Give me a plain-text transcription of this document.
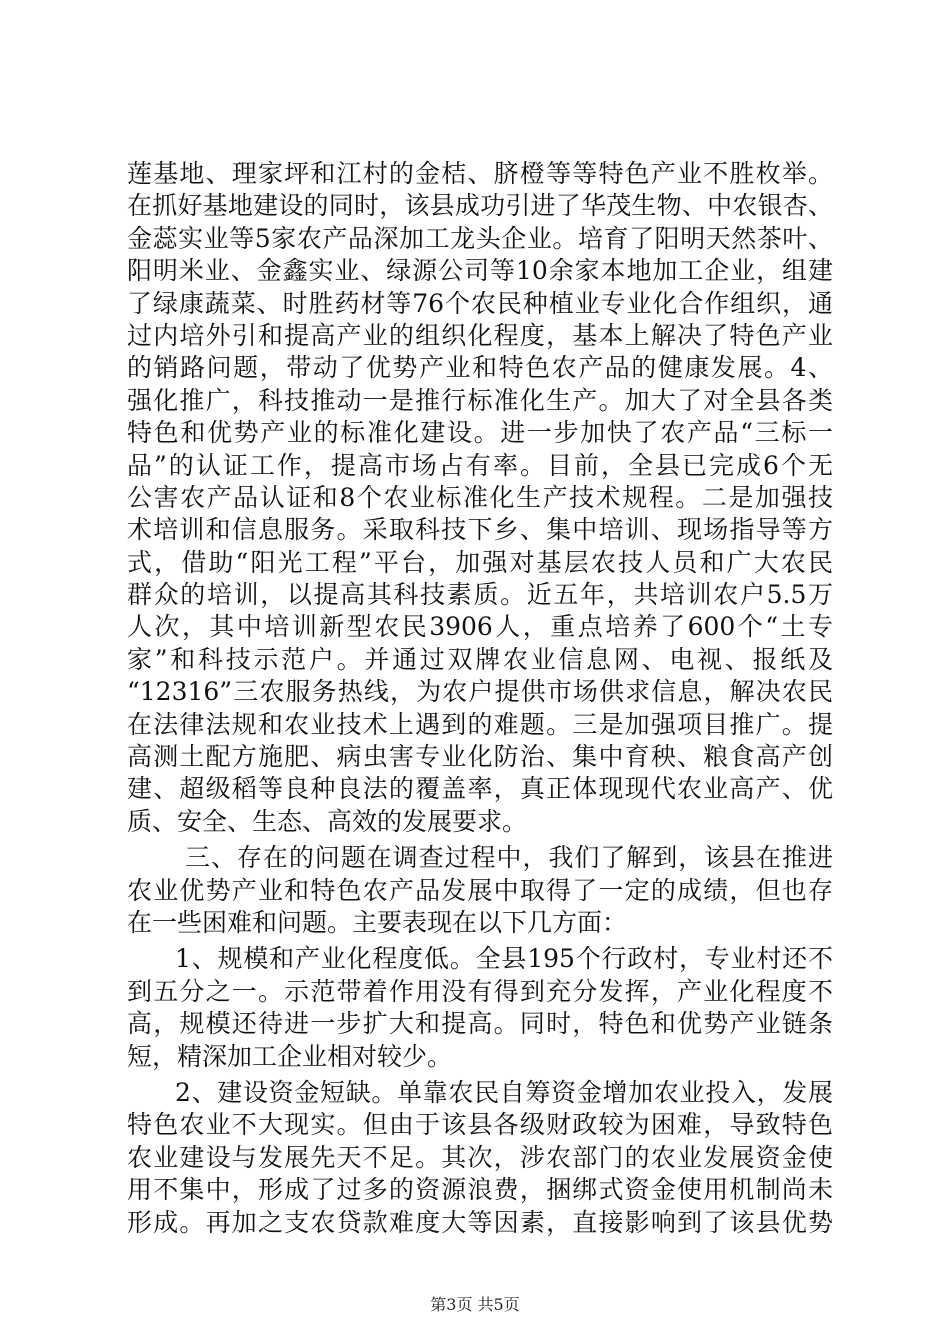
莲基地、理家坪和江村的金桔、脐橙等等特色产业不胜枚举。
在抓好基地建设的同时，该县成功引进了华茂生物、中农银杏、
金蕊实业等5家农产品深加工龙头企业。培育了阳明天然茶叶、
阳明米业、金鑫实业、绿源公司等10余家本地加工企业，组建
了绿康蔬菜、时胜药材等76个农民种植业专业化合作组织，通
过内培外引和提高产业的组织化程度，基本上解决了特色产业
的销路问题，带动了优势产业和特色农产品的健康发展。4、
强化推广，科技推动一是推行标准化生产。加大了对全县各类
特色和优势产业的标准化建设。进一步加快了农产品“三标一
品”的认证工作，提高市场占有率。目前，全县已完成6个无
公害农产品认证和8个农业标准化生产技术规程。二是加强技
术培训和信息服务。采取科技下乡、集中培训、现场指导等方
式，借助“阳光工程”平台，加强对基层农技人员和广大农民
群众的培训，以提高其科技素质。近五年，共培训农户5.5万
人次，其中培训新型农民3906人，重点培养了600个“土专
家”和科技示范户。并通过双牌农业信息网、电视、报纸及
“12316”三农服务热线，为农户提供市场供求信息，解决农民
在法律法规和农业技术上遇到的难题。三是加强项目推广。提
高测土配方施肥、病虫害专业化防治、集中育秧、粮食高产创
建、超级稻等良种良法的覆盖率，真正体现现代农业高产、优
质、安全、生态、高效的发展要求。
三、存在的问题在调查过程中，我们了解到，该县在推进
农业优势产业和特色农产品发展中取得了一定的成绩，但也存
在一些困难和问题。主要表现在以下几方面：
1、规模和产业化程度低。全县195个行政村，专业村还不
到五分之一。示范带着作用没有得到充分发挥，产业化程度不
高，规模还待进一步扩大和提高。同时，特色和优势产业链条
短，精深加工企业相对较少。
2、建设资金短缺。单靠农民自筹资金增加农业投入，发展
特色农业不大现实。但由于该县各级财政较为困难，导致特色
农业建设与发展先天不足。其次，涉农部门的农业发展资金使
用不集中，形成了过多的资源浪费，捆绑式资金使用机制尚未
形成。再加之支农贷款难度大等因素，直接影响到了该县优势
第3页 共5页
